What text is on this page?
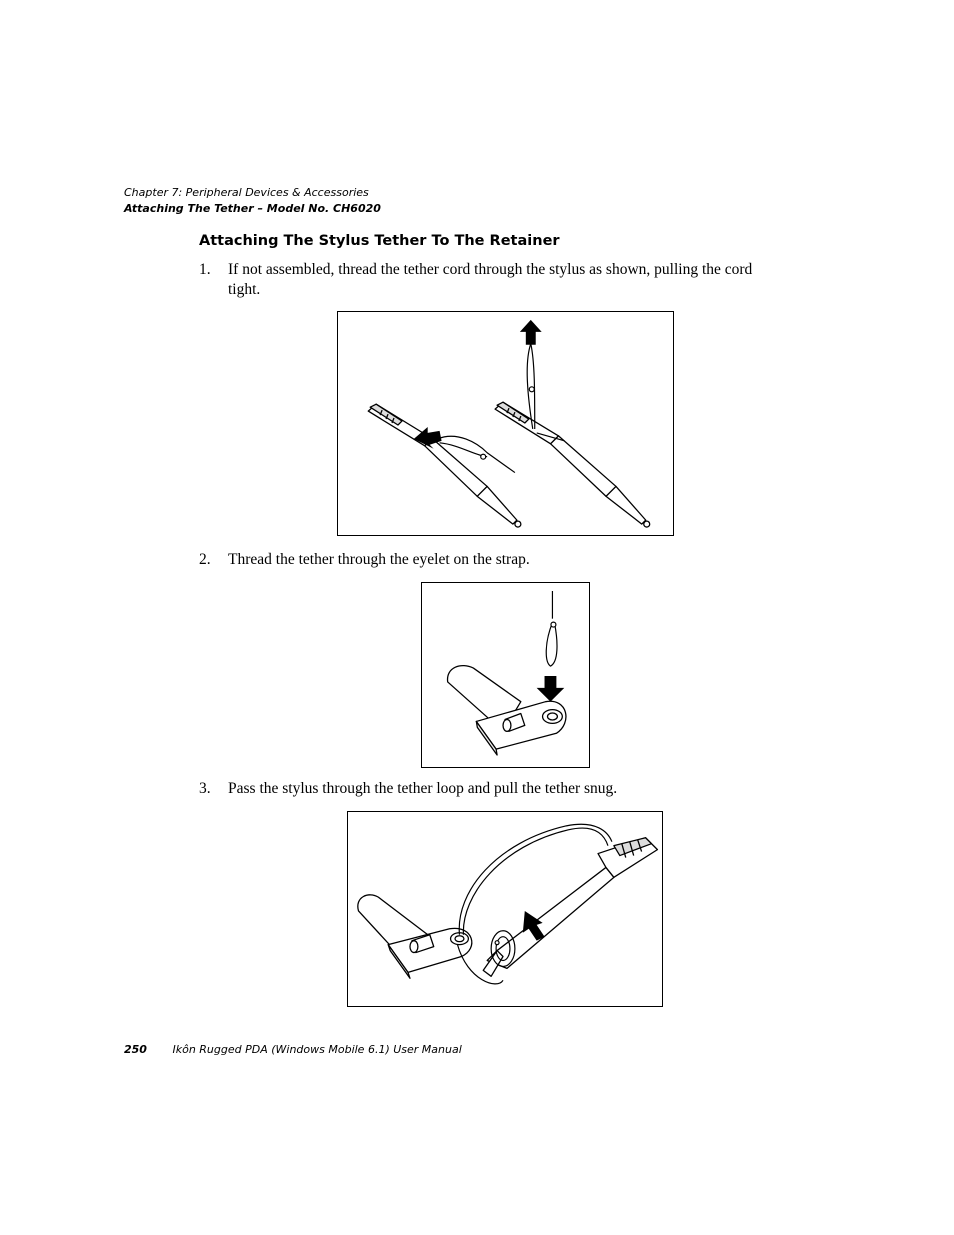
Chapter 7: Peripheral Devices & Accessories
Attaching The Tether – Model No. CH6020
Attaching The Stylus Tether To The Retainer
1. If not assembled, thread the tether cord through the stylus as shown, pulling the cord tight.
2. Thread the tether through the eyelet on the strap.
3. Pass the stylus through the tether loop and pull the tether snug.
250 Ikôn Rugged PDA (Windows Mobile 6.1) User Manual
